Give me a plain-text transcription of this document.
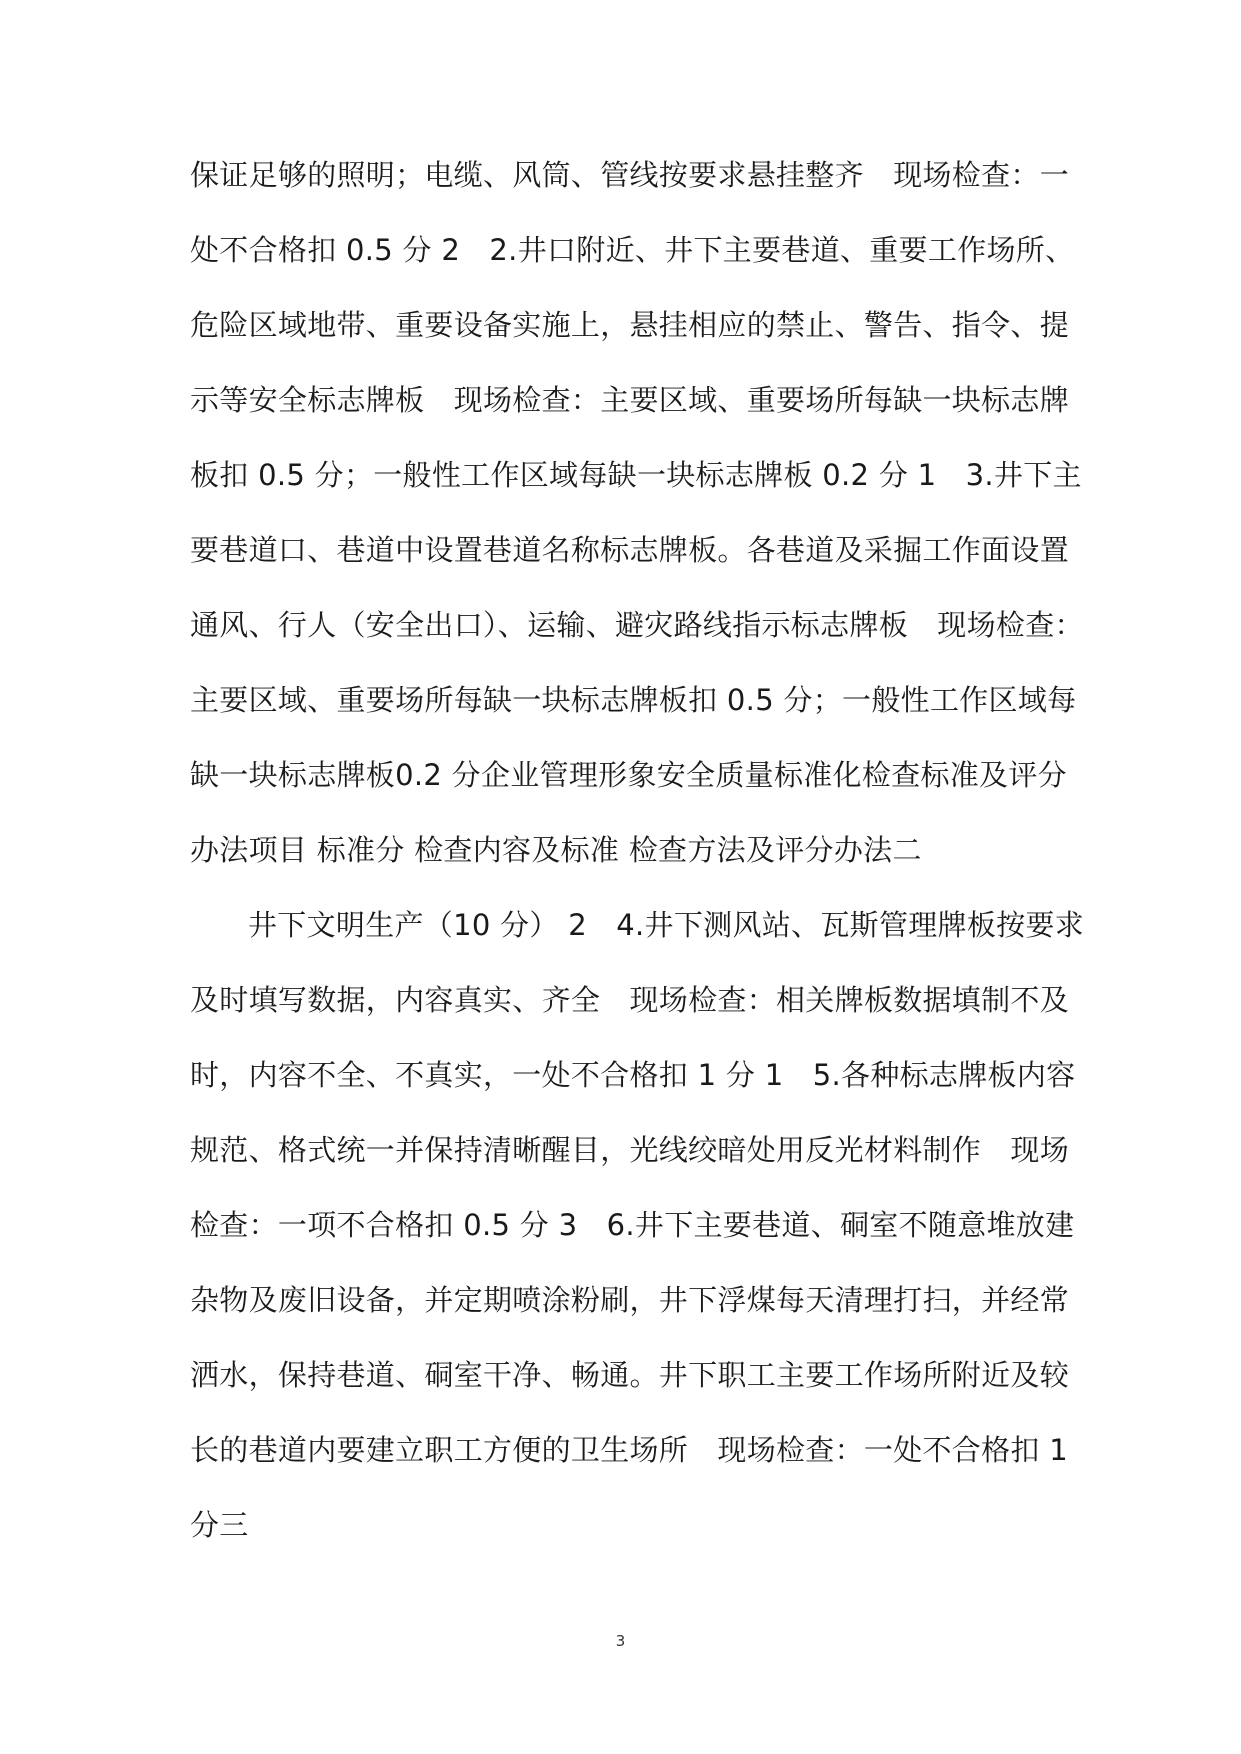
保证足够的照明；电缆、风筒、管线按要求悬挂整齐　现场检查：一
处不合格扣 0.5 分 2　2.井口附近、井下主要巷道、重要工作场所、
危险区域地带、重要设备实施上，悬挂相应的禁止、警告、指令、提
示等安全标志牌板　现场检查：主要区域、重要场所每缺一块标志牌
板扣 0.5 分；一般性工作区域每缺一块标志牌板 0.2 分 1　3.井下主
要巷道口、巷道中设置巷道名称标志牌板。各巷道及采掘工作面设置
通风、行人（安全出口）、运输、避灾路线指示标志牌板　现场检查：
主要区域、重要场所每缺一块标志牌板扣 0.5 分；一般性工作区域每
缺一块标志牌板0.2 分企业管理形象安全质量标准化检查标准及评分
办法项目 标准分 检查内容及标准 检查方法及评分办法二
井下文明生产（10 分） 2　4.井下测风站、瓦斯管理牌板按要求
及时填写数据，内容真实、齐全　现场检查：相关牌板数据填制不及
时，内容不全、不真实，一处不合格扣 1 分 1　5.各种标志牌板内容
规范、格式统一并保持清晰醒目，光线绞暗处用反光材料制作　现场
检查：一项不合格扣 0.5 分 3　6.井下主要巷道、硐室不随意堆放建
杂物及废旧设备，并定期喷涂粉刷，井下浮煤每天清理打扫，并经常
洒水，保持巷道、硐室干净、畅通。井下职工主要工作场所附近及较
长的巷道内要建立职工方便的卫生场所　现场检查：一处不合格扣 1
分三
3
